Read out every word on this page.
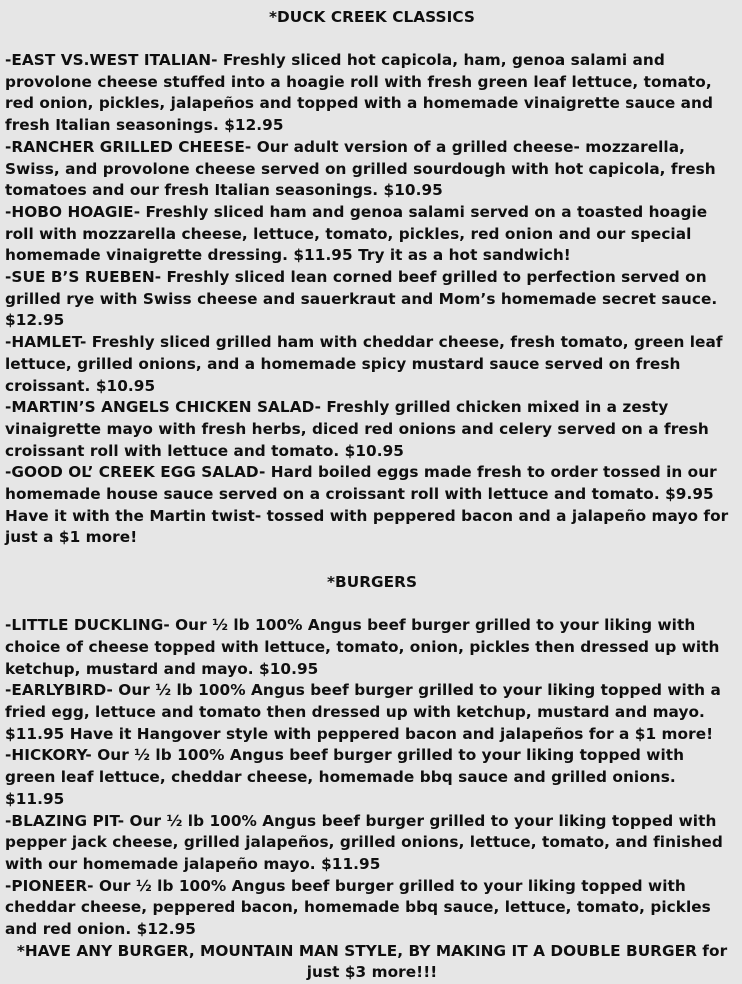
*DUCK CREEK CLASSICS

- EAST VS.WEST ITALIAN - Freshly sliced hot capicola, ham, genoa salami and provolone cheese stuffed into a hoagie roll with fresh green leaf lettuce, tomato, red onion, pickles, jalapeños and topped with a homemade vinaigrette sauce and fresh Italian seasonings. $12.95

- RANCHER GRILLED CHEESE - Our adult version of a grilled cheese- mozzarella, Swiss, and provolone cheese served on grilled sourdough with hot capicola, fresh tomatoes and our fresh Italian seasonings. $10.95

- HOBO HOAGIE - Freshly sliced ham and genoa salami served on a toasted hoagie roll with mozzarella cheese, lettuce, tomato, pickles, red onion and our special homemade vinaigrette dressing. $11.95 Try it as a hot sandwich!

- SUE B’S RUEBEN - Freshly sliced lean corned beef grilled to perfection served on grilled rye with Swiss cheese and sauerkraut and Mom’s homemade secret sauce. $12.95

- HAMLET - Freshly sliced grilled ham with cheddar cheese, fresh tomato, green leaf lettuce, grilled onions, and a homemade spicy mustard sauce served on fresh croissant. $10.95

- MARTIN’S ANGELS CHICKEN SALAD - Freshly grilled chicken mixed in a zesty vinaigrette mayo with fresh herbs, diced red onions and celery served on a fresh croissant roll with lettuce and tomato. $10.95

- GOOD OL’ CREEK EGG SALAD - Hard boiled eggs made fresh to order tossed in our homemade house sauce served on a croissant roll with lettuce and tomato. $9.95 Have it with the Martin twist- tossed with peppered bacon and a jalapeño mayo for just a $1 more!

*BURGERS

- LITTLE DUCKLING - Our ½ lb 100% Angus beef burger grilled to your liking with choice of cheese topped with lettuce, tomato, onion, pickles then dressed up with ketchup, mustard and mayo. $10.95

- EARLYBIRD - Our ½ lb 100% Angus beef burger grilled to your liking topped with a fried egg, lettuce and tomato then dressed up with ketchup, mustard and mayo. $11.95 Have it Hangover style with peppered bacon and jalapeños for a $1 more!

- HICKORY - Our ½ lb 100% Angus beef burger grilled to your liking topped with green leaf lettuce, cheddar cheese, homemade bbq sauce and grilled onions. $11.95

- BLAZING PIT - Our ½ lb 100% Angus beef burger grilled to your liking topped with pepper jack cheese, grilled jalapeños, grilled onions, lettuce, tomato, and finished with our homemade jalapeño mayo. $11.95

- PIONEER - Our ½ lb 100% Angus beef burger grilled to your liking topped with cheddar cheese, peppered bacon, homemade bbq sauce, lettuce, tomato, pickles and red onion. $12.95

*HAVE ANY BURGER, MOUNTAIN MAN STYLE, BY MAKING IT A DOUBLE BURGER for just $3 more!!!
